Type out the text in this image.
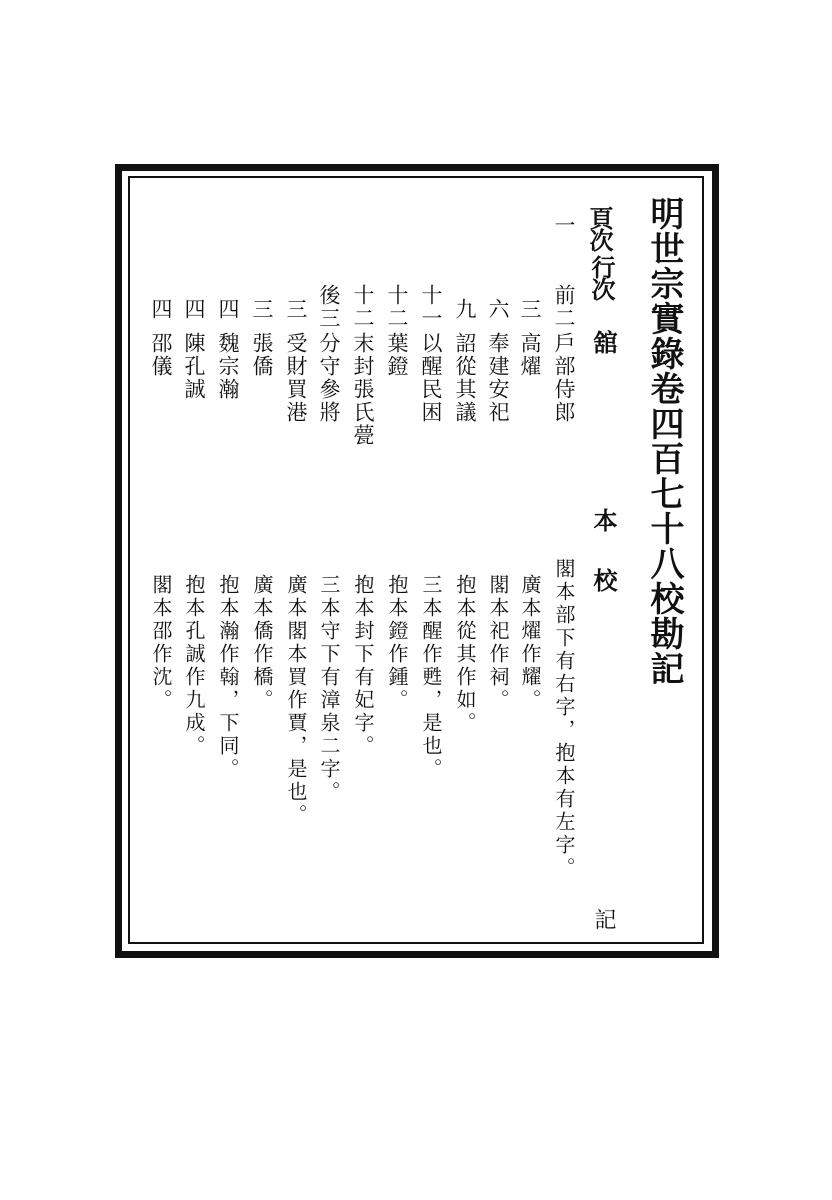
明世宗實錄卷四百七十八校勘記
頁次
行次
舘
本
校
記
一
前二
戶部侍郎
閣本部下有右字，抱本有左字。
三
高燿
廣本燿作耀。
六
奉建安祀
閣本祀作祠。
九
詔從其議
抱本從其作如。
十一
以醒民困
三本醒作甦，是也。
十二
葉鐙
抱本鐙作鍾。
十二
末封張氏甍
抱本封下有妃字。
後三
分守參將
三本守下有漳泉二字。
三
受財買港
廣本閣本買作賈，是也。
三
張僑
廣本僑作橋。
四
魏宗瀚
抱本瀚作翰，下同。
四
陳孔誠
抱本孔誠作九成。
四
邵儀
閣本邵作沈。
